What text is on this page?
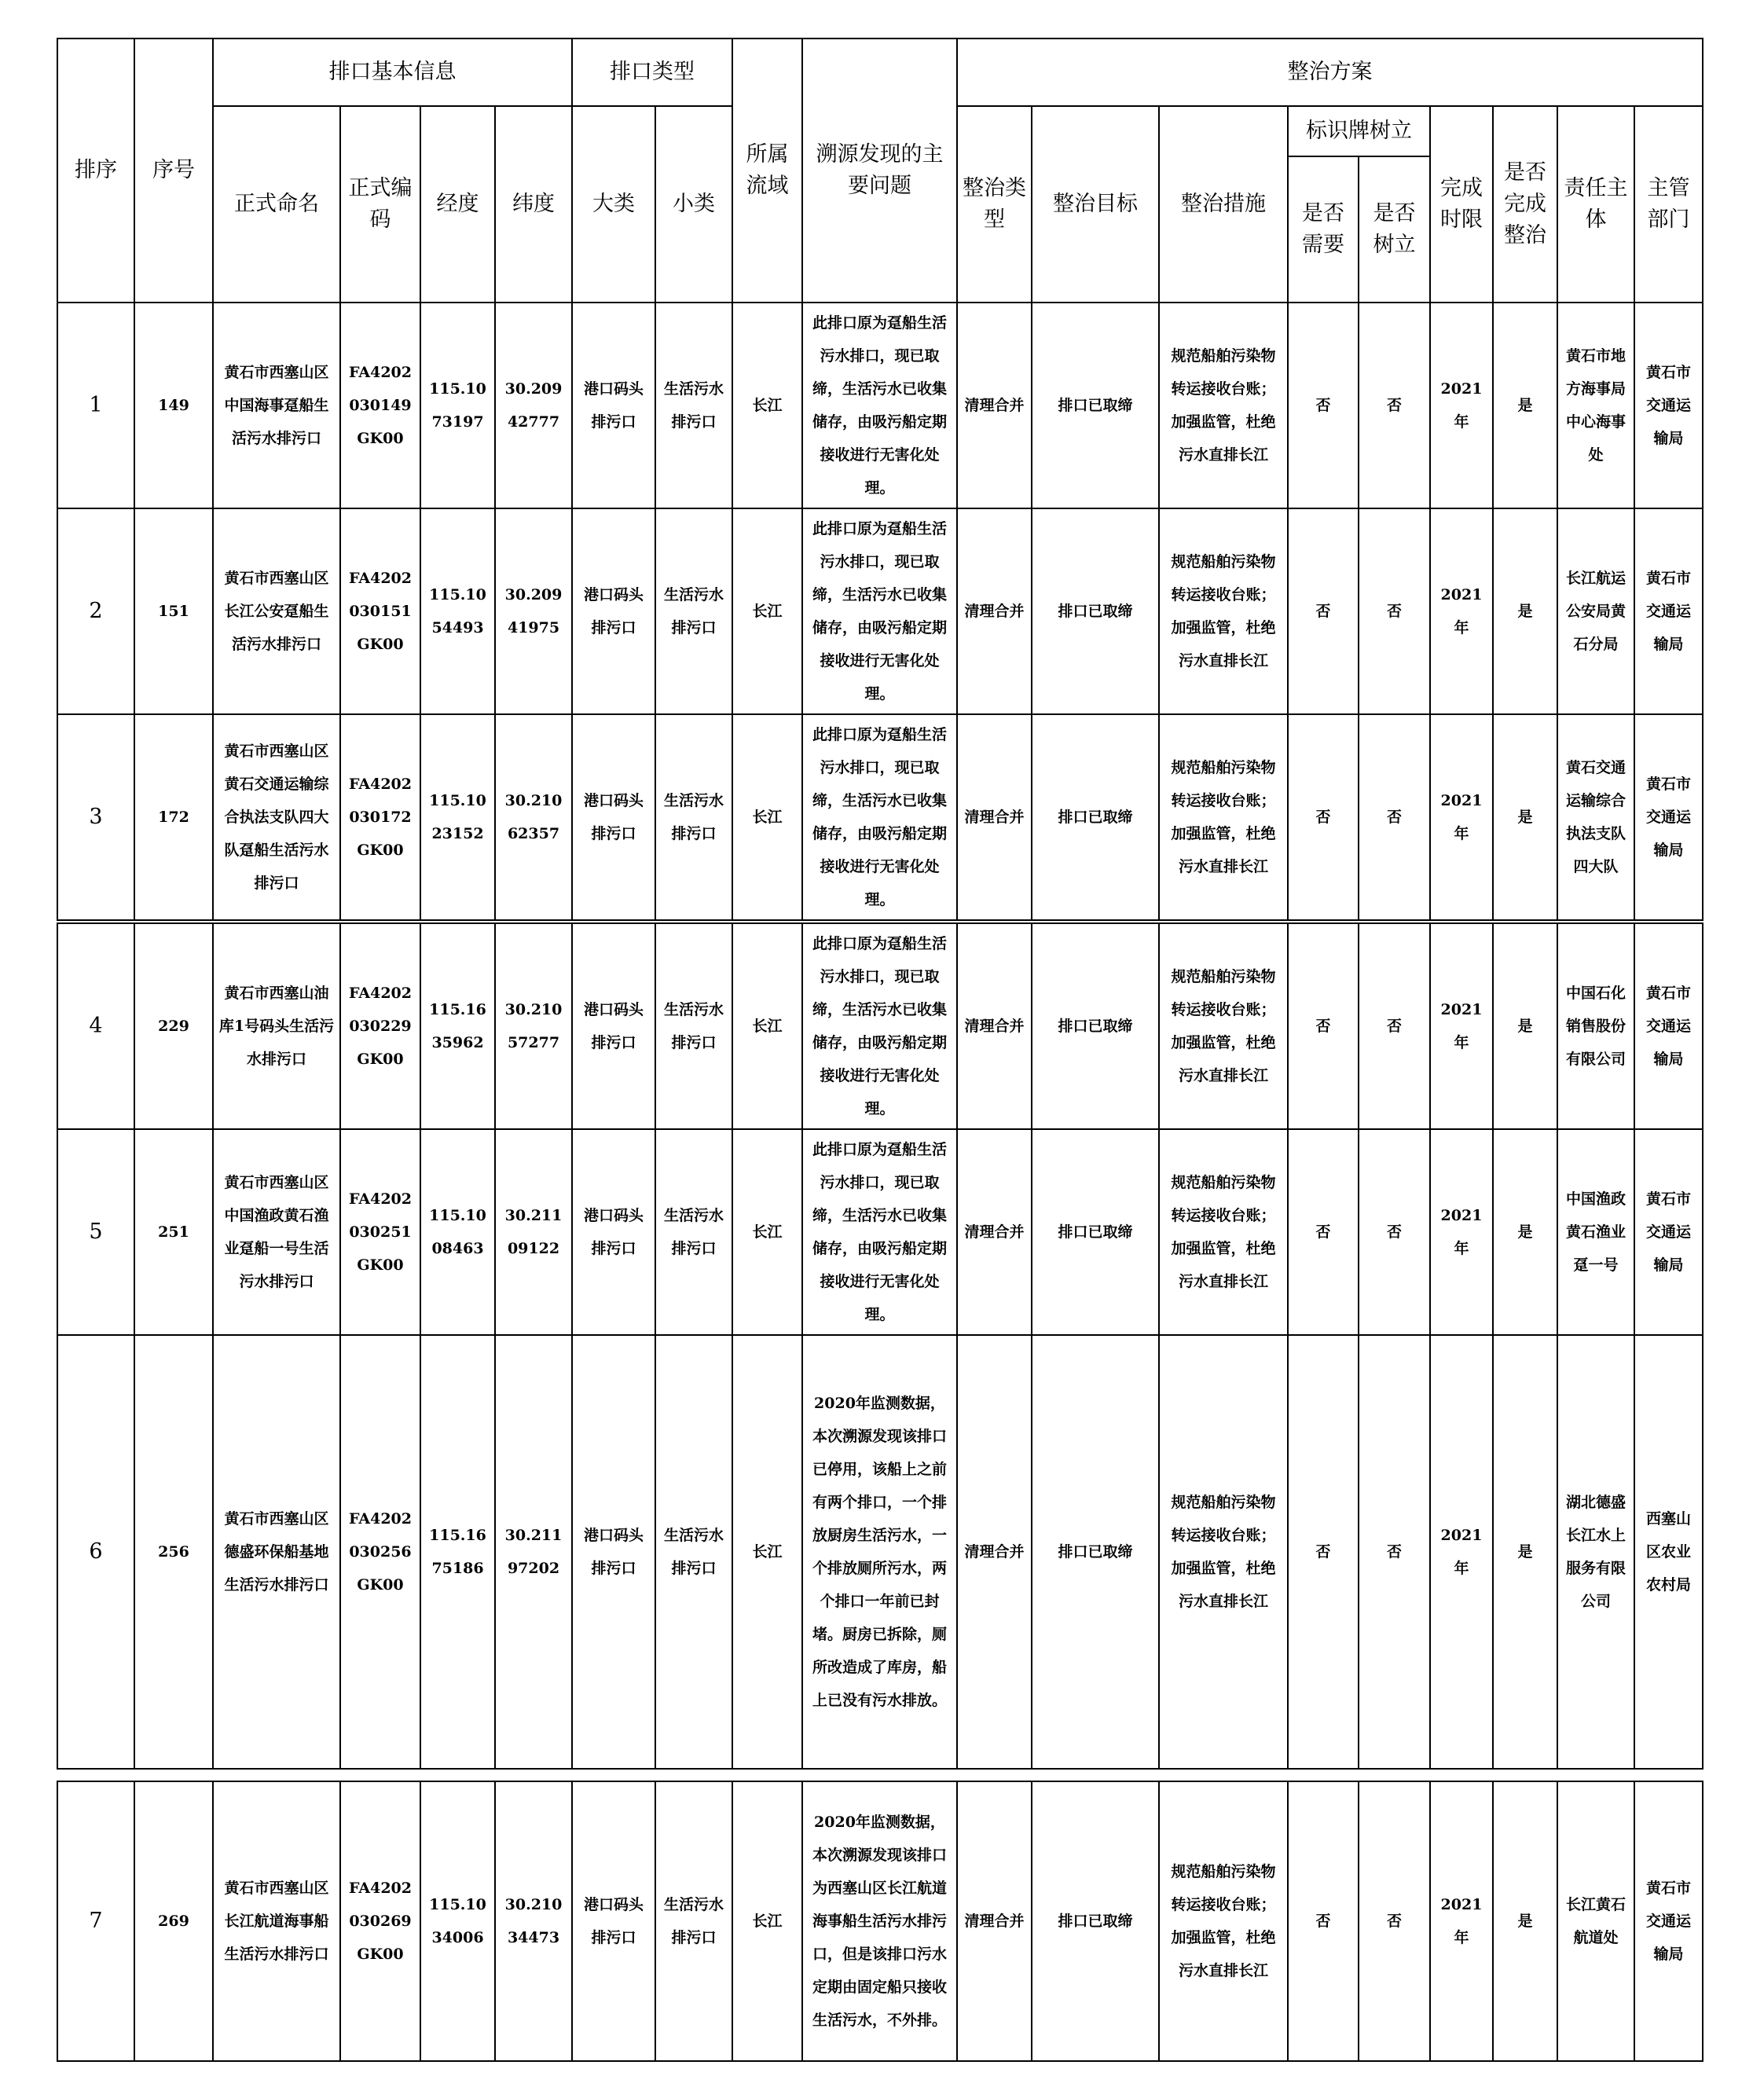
排序	序号	排口基本信息				排口类型		所属流域	溯源发现的主要问题	整治方案								
		正式命名	正式编码	经度	纬度	大类	小类			整治类型	整治目标	整治措施	标识牌树立		完成时限	是否完成整治	责任主体	主管部门
													是否需要	是否树立				
1	149	黄石市西塞山区中国海事趸船生活污水排污口	FA4202030149GK00	115.1073197	30.20942777	港口码头排污口	生活污水排污口	长江	此排口原为趸船生活污水排口，现已取缔，生活污水已收集储存，由吸污船定期接收进行无害化处理。	清理合并	排口已取缔	规范船舶污染物转运接收台账；加强监管，杜绝污水直排长江	否	否	2021年	是	黄石市地方海事局中心海事处	黄石市交通运输局
2	151	黄石市西塞山区长江公安趸船生活污水排污口	FA4202030151GK00	115.1054493	30.20941975	港口码头排污口	生活污水排污口	长江	此排口原为趸船生活污水排口，现已取缔，生活污水已收集储存，由吸污船定期接收进行无害化处理。	清理合并	排口已取缔	规范船舶污染物转运接收台账；加强监管，杜绝污水直排长江	否	否	2021年	是	长江航运公安局黄石分局	黄石市交通运输局
3	172	黄石市西塞山区黄石交通运输综合执法支队四大队趸船生活污水排污口	FA4202030172GK00	115.1023152	30.21062357	港口码头排污口	生活污水排污口	长江	此排口原为趸船生活污水排口，现已取缔，生活污水已收集储存，由吸污船定期接收进行无害化处理。	清理合并	排口已取缔	规范船舶污染物转运接收台账；加强监管，杜绝污水直排长江	否	否	2021年	是	黄石交通运输综合执法支队四大队	黄石市交通运输局
4	229	黄石市西塞山油库1号码头生活污水排污口	FA4202030229GK00	115.1635962	30.21057277	港口码头排污口	生活污水排污口	长江	此排口原为趸船生活污水排口，现已取缔，生活污水已收集储存，由吸污船定期接收进行无害化处理。	清理合并	排口已取缔	规范船舶污染物转运接收台账；加强监管，杜绝污水直排长江	否	否	2021年	是	中国石化销售股份有限公司	黄石市交通运输局
5	251	黄石市西塞山区中国渔政黄石渔业趸船一号生活污水排污口	FA4202030251GK00	115.1008463	30.21109122	港口码头排污口	生活污水排污口	长江	此排口原为趸船生活污水排口，现已取缔，生活污水已收集储存，由吸污船定期接收进行无害化处理。	清理合并	排口已取缔	规范船舶污染物转运接收台账；加强监管，杜绝污水直排长江	否	否	2021年	是	中国渔政黄石渔业趸一号	黄石市交通运输局
6	256	黄石市西塞山区德盛环保船基地生活污水排污口	FA4202030256GK00	115.1675186	30.21197202	港口码头排污口	生活污水排污口	长江	2020年监测数据，本次溯源发现该排口已停用，该船上之前有两个排口，一个排放厨房生活污水，一个排放厕所污水，两个排口一年前已封堵。厨房已拆除，厕所改造成了库房，船上已没有污水排放。	清理合并	排口已取缔	规范船舶污染物转运接收台账；加强监管，杜绝污水直排长江	否	否	2021年	是	湖北德盛长江水上服务有限公司	西塞山区农业农村局
7	269	黄石市西塞山区长江航道海事船生活污水排污口	FA4202030269GK00	115.1034006	30.21034473	港口码头排污口	生活污水排污口	长江	2020年监测数据，本次溯源发现该排口为西塞山区长江航道海事船生活污水排污口，但是该排口污水定期由固定船只接收生活污水，不外排。	清理合并	排口已取缔	规范船舶污染物转运接收台账；加强监管，杜绝污水直排长江	否	否	2021年	是	长江黄石航道处	黄石市交通运输局
